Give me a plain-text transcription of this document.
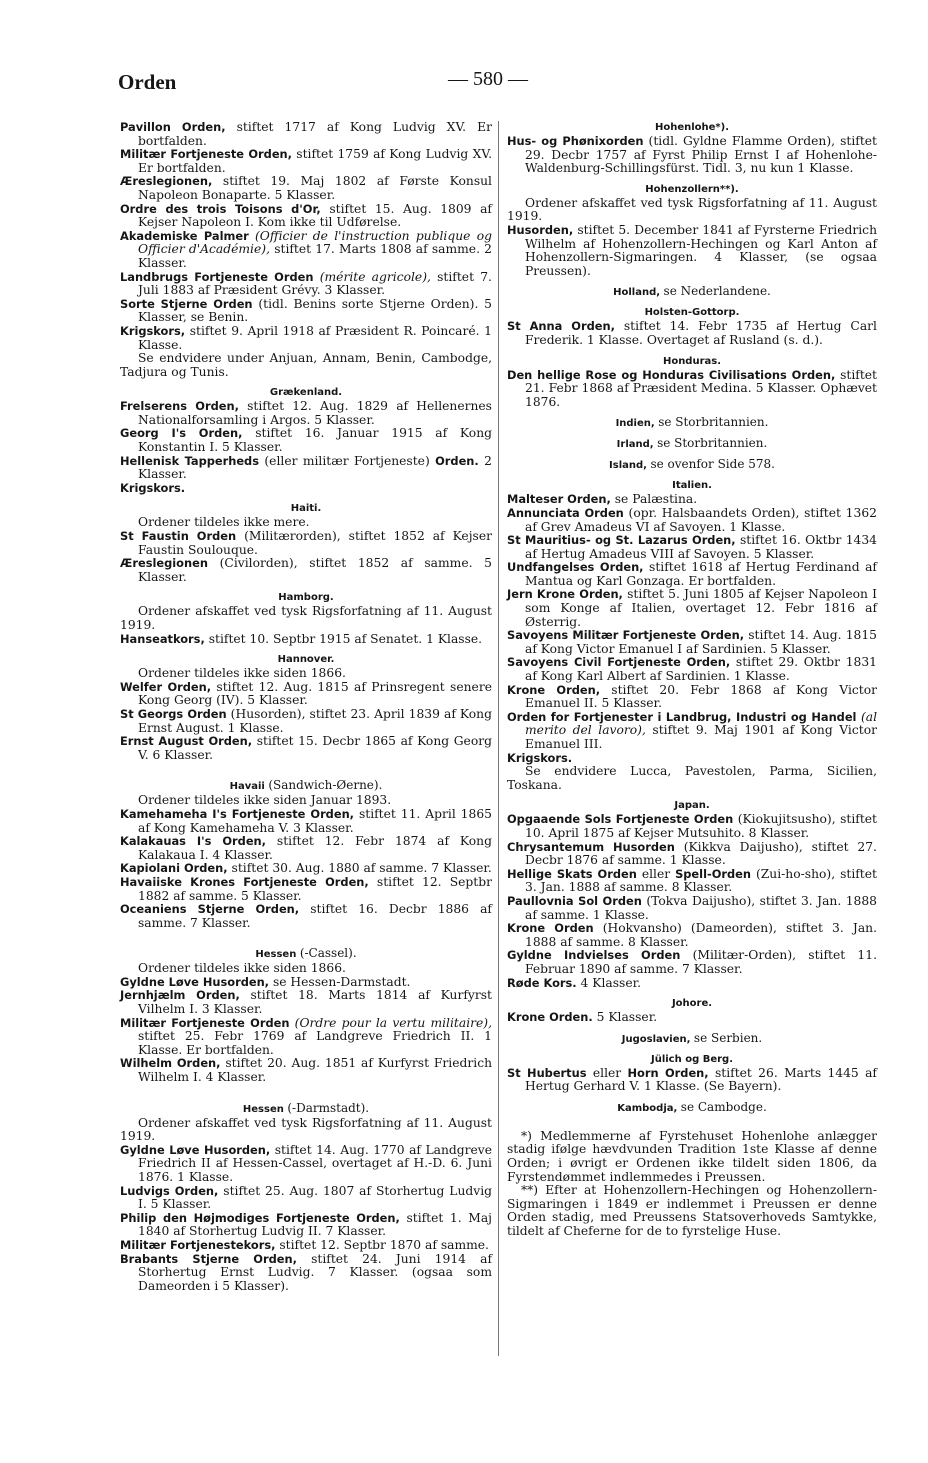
Orden	— 580 —

Pavillon Orden, stiftet 1717 af Kong Ludvig XV. Er bortfalden.

Militær Fortjeneste Orden, stiftet 1759 af Kong Ludvig XV. Er bortfalden.

Æreslegionen, stiftet 19. Maj 1802 af Første Konsul Napoleon Bonaparte. 5 Klasser.

Ordre des trois Toisons d'Or, stiftet 15. Aug. 1809 af Kejser Napoleon I. Kom ikke til Udførelse.

Akademiske Palmer (Officier de l'instruction publique og Officier d'Académie), stiftet 17. Marts 1808 af samme. 2 Klasser.

Landbrugs Fortjeneste Orden (mérite agricole), stiftet 7. Juli 1883 af Præsident Grévy. 3 Klasser.

Sorte Stjerne Orden (tidl. Benins sorte Stjerne Orden). 5 Klasser, se Benin.

Krigskors, stiftet 9. April 1918 af Præsident R. Poincaré. 1 Klasse.

Se endvidere under Anjuan, Annam, Benin, Cambodge, Tadjura og Tunis.

Grækenland.

Frelserens Orden, stiftet 12. Aug. 1829 af Hellenernes Nationalforsamling i Argos. 5 Klasser.

Georg I's Orden, stiftet 16. Januar 1915 af Kong Konstantin I. 5 Klasser.

Hellenisk Tapperheds (eller militær Fortjeneste) Orden. 2 Klasser.

Krigskors.

Haiti.

Ordener tildeles ikke mere.

St Faustin Orden (Militærorden), stiftet 1852 af Kejser Faustin Soulouque.

Æreslegionen (Civilorden), stiftet 1852 af samme. 5 Klasser.

Hamborg.

Ordener afskaffet ved tysk Rigsforfatning af 11. August 1919.

Hanseatkors, stiftet 10. Septbr 1915 af Senatet. 1 Klasse.

Hannover.

Ordener tildeles ikke siden 1866.

Welfer Orden, stiftet 12. Aug. 1815 af Prinsregent senere Kong Georg (IV). 5 Klasser.

St Georgs Orden (Husorden), stiftet 23. April 1839 af Kong Ernst August. 1 Klasse.

Ernst August Orden, stiftet 15. Decbr 1865 af Kong Georg V. 6 Klasser.

Havaii (Sandwich-Øerne).

Ordener tildeles ikke siden Januar 1893.

Kamehameha I's Fortjeneste Orden, stiftet 11. April 1865 af Kong Kamehameha V. 3 Klasser.

Kalakauas I's Orden, stiftet 12. Febr 1874 af Kong Kalakaua I. 4 Klasser.

Kapiolani Orden, stiftet 30. Aug. 1880 af samme. 7 Klasser.

Havaiiske Krones Fortjeneste Orden, stiftet 12. Septbr 1882 af samme. 5 Klasser.

Oceaniens Stjerne Orden, stiftet 16. Decbr 1886 af samme. 7 Klasser.

Hessen (-Cassel).

Ordener tildeles ikke siden 1866.

Gyldne Løve Husorden, se Hessen-Darmstadt.

Jernhjælm Orden, stiftet 18. Marts 1814 af Kurfyrst Vilhelm I. 3 Klasser.

Militær Fortjeneste Orden (Ordre pour la vertu militaire), stiftet 25. Febr 1769 af Landgreve Friedrich II. 1 Klasse. Er bortfalden.

Wilhelm Orden, stiftet 20. Aug. 1851 af Kurfyrst Friedrich Wilhelm I. 4 Klasser.

Hessen (-Darmstadt).

Ordener afskaffet ved tysk Rigsforfatning af 11. August 1919.

Gyldne Løve Husorden, stiftet 14. Aug. 1770 af Landgreve Friedrich II af Hessen-Cassel, overtaget af H.-D. 6. Juni 1876. 1 Klasse.

Ludvigs Orden, stiftet 25. Aug. 1807 af Storhertug Ludvig I. 5 Klasser.

Philip den Højmodiges Fortjeneste Orden, stiftet 1. Maj 1840 af Storhertug Ludvig II. 7 Klasser.

Militær Fortjenestekors, stiftet 12. Septbr 1870 af samme.

Brabants Stjerne Orden, stiftet 24. Juni 1914 af Storhertug Ernst Ludvig. 7 Klasser. (ogsaa som Dameorden i 5 Klasser).

Hohenlohe*).

Hus- og Phønixorden (tidl. Gyldne Flamme Orden), stiftet 29. Decbr 1757 af Fyrst Philip Ernst I af Hohenlohe-Waldenburg-Schillingsfürst. Tidl. 3, nu kun 1 Klasse.

Hohenzollern**).

Ordener afskaffet ved tysk Rigsforfatning af 11. August 1919.

Husorden, stiftet 5. December 1841 af Fyrsterne Friedrich Wilhelm af Hohenzollern-Hechingen og Karl Anton af Hohenzollern-Sigmaringen. 4 Klasser, (se ogsaa Preussen).

Holland, se Nederlandene.
Holsten-Gottorp.

St Anna Orden, stiftet 14. Febr 1735 af Hertug Carl Frederik. 1 Klasse. Overtaget af Rusland (s. d.).

Honduras.

Den hellige Rose og Honduras Civilisations Orden, stiftet 21. Febr 1868 af Præsident Medina. 5 Klasser. Ophævet 1876.

Indien, se Storbritannien.
Irland, se Storbritannien.
Island, se ovenfor Side 578.
Italien.

Malteser Orden, se Palæstina.

Annunciata Orden (opr. Halsbaandets Orden), stiftet 1362 af Grev Amadeus VI af Savoyen. 1 Klasse.

St Mauritius- og St. Lazarus Orden, stiftet 16. Oktbr 1434 af Hertug Amadeus VIII af Savoyen. 5 Klasser.

Undfangelses Orden, stiftet 1618 af Hertug Ferdinand af Mantua og Karl Gonzaga. Er bortfalden.

Jern Krone Orden, stiftet 5. Juni 1805 af Kejser Napoleon I som Konge af Italien, overtaget 12. Febr 1816 af Østerrig.

Savoyens Militær Fortjeneste Orden, stiftet 14. Aug. 1815 af Kong Victor Emanuel I af Sardinien. 5 Klasser.

Savoyens Civil Fortjeneste Orden, stiftet 29. Oktbr 1831 af Kong Karl Albert af Sardinien. 1 Klasse.

Krone Orden, stiftet 20. Febr 1868 af Kong Victor Emanuel II. 5 Klasser.

Orden for Fortjenester i Landbrug, Industri og Handel (al merito del lavoro), stiftet 9. Maj 1901 af Kong Victor Emanuel III.

Krigskors.

Se endvidere Lucca, Pavestolen, Parma, Sicilien, Toskana.

Japan.

Opgaaende Sols Fortjeneste Orden (Kiokujitsusho), stiftet 10. April 1875 af Kejser Mutsuhito. 8 Klasser.

Chrysantemum Husorden (Kikkva Daijusho), stiftet 27. Decbr 1876 af samme. 1 Klasse.

Hellige Skats Orden eller Spell-Orden (Zui-ho-sho), stiftet 3. Jan. 1888 af samme. 8 Klasser.

Paullovnia Sol Orden (Tokva Daijusho), stiftet 3. Jan. 1888 af samme. 1 Klasse.

Krone Orden (Hokvansho) (Dameorden), stiftet 3. Jan. 1888 af samme. 8 Klasser.

Gyldne Indvielses Orden (Militær-Orden), stiftet 11. Februar 1890 af samme. 7 Klasser.

Røde Kors. 4 Klasser.

Johore.

Krone Orden. 5 Klasser.

Jugoslavien, se Serbien.
Jülich og Berg.

St Hubertus eller Horn Orden, stiftet 26. Marts 1445 af Hertug Gerhard V. 1 Klasse. (Se Bayern).

Kambodja, se Cambodge.

*) Medlemmerne af Fyrstehuset Hohenlohe anlægger stadig ifølge hævdvunden Tradition 1ste Klasse af denne Orden; i øvrigt er Ordenen ikke tildelt siden 1806, da Fyrstendømmet indlemmedes i Preussen.

**) Efter at Hohenzollern-Hechingen og Hohenzollern-Sigmaringen i 1849 er indlemmet i Preussen er denne Orden stadig, med Preussens Statsoverhoveds Samtykke, tildelt af Cheferne for de to fyrstelige Huse.
